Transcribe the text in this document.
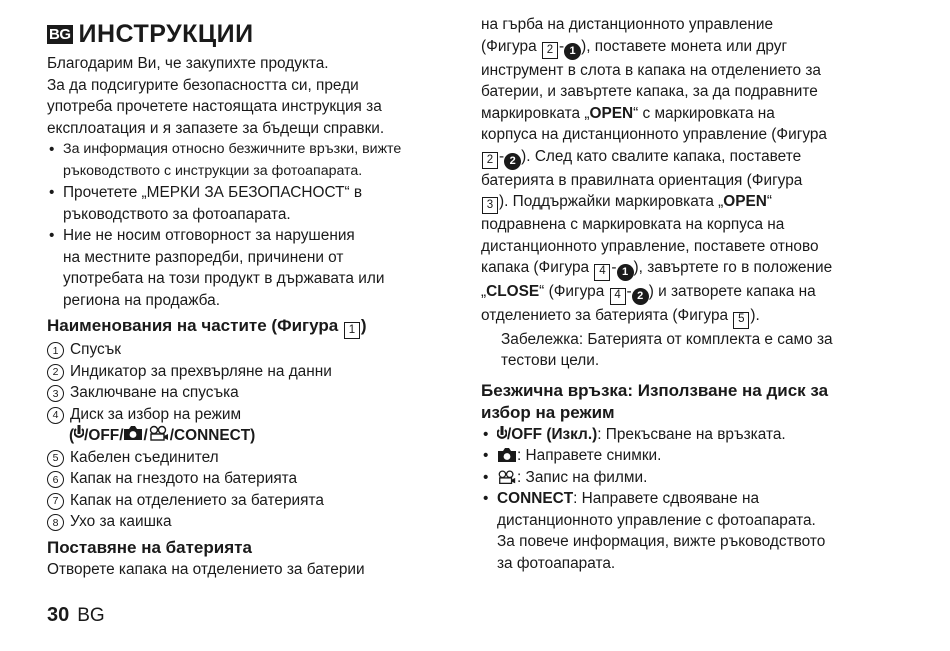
BG ИНСТРУКЦИИ

Благодарим Ви, че закупихте продукта.

За да подсигурите безопасността си, преди

употреба прочетете настоящата инструкция за

експлоатация и я запазете за бъдещи справки.

• За информация относно безжичните връзки, вижте
ръководството с инструкции за фотоапарата.
• Прочетете „МЕРКИ ЗА БЕЗОПАСНОСТ“ в
ръководството за фотоапарата.
• Ние не носим отговорност за нарушения
на местните разпоредби, причинени от
употребата на този продукт в държавата или
региона на продажба.
Наименования на частите (Фигура 1 )
1 Спусък
2 Индикатор за прехвърляне на данни
3 Заключване на спусъка
4 Диск за избор на режим
( /OFF / / /CONNECT )
5 Кабелен съединител
6 Капак на гнездото на батерията
7 Капак на отделението за батерията
8 Ухо за каишка
Поставяне на батерията

Отворете капака на отделението за батерии

на гърба на дистанционното управление

(Фигура 2 - 1 ), поставете монета или друг

инструмент в слота в капака на отделението за

батерии, и завъртете капака, за да подравните

маркировката „OPEN“ с маркировката на

корпуса на дистанционното управление (Фигура

2 - 2 ). След като свалите капака, поставете

батерията в правилната ориентация (Фигура

3 ). Поддържайки маркировката „OPEN“

подравнена с маркировката на корпуса на

дистанционното управление, поставете отново

капака (Фигура 4 - 1 ), завъртете го в положение

„CLOSE“ (Фигура 4 - 2 ) и затворете капака на

отделението за батерията (Фигура 5 ).

Забележка: Батерията от комплекта е само за

тестови цели.

Безжична връзка: Използване на диск за
избор на режим
• /OFF (Изкл.): Прекъсване на връзката.
• : Направете снимки.
• : Запис на филми.
• CONNECT: Направете сдвояване на
дистанционното управление с фотоапарата.
За повече информация, вижте ръководството
за фотоапарата.
30 BG
